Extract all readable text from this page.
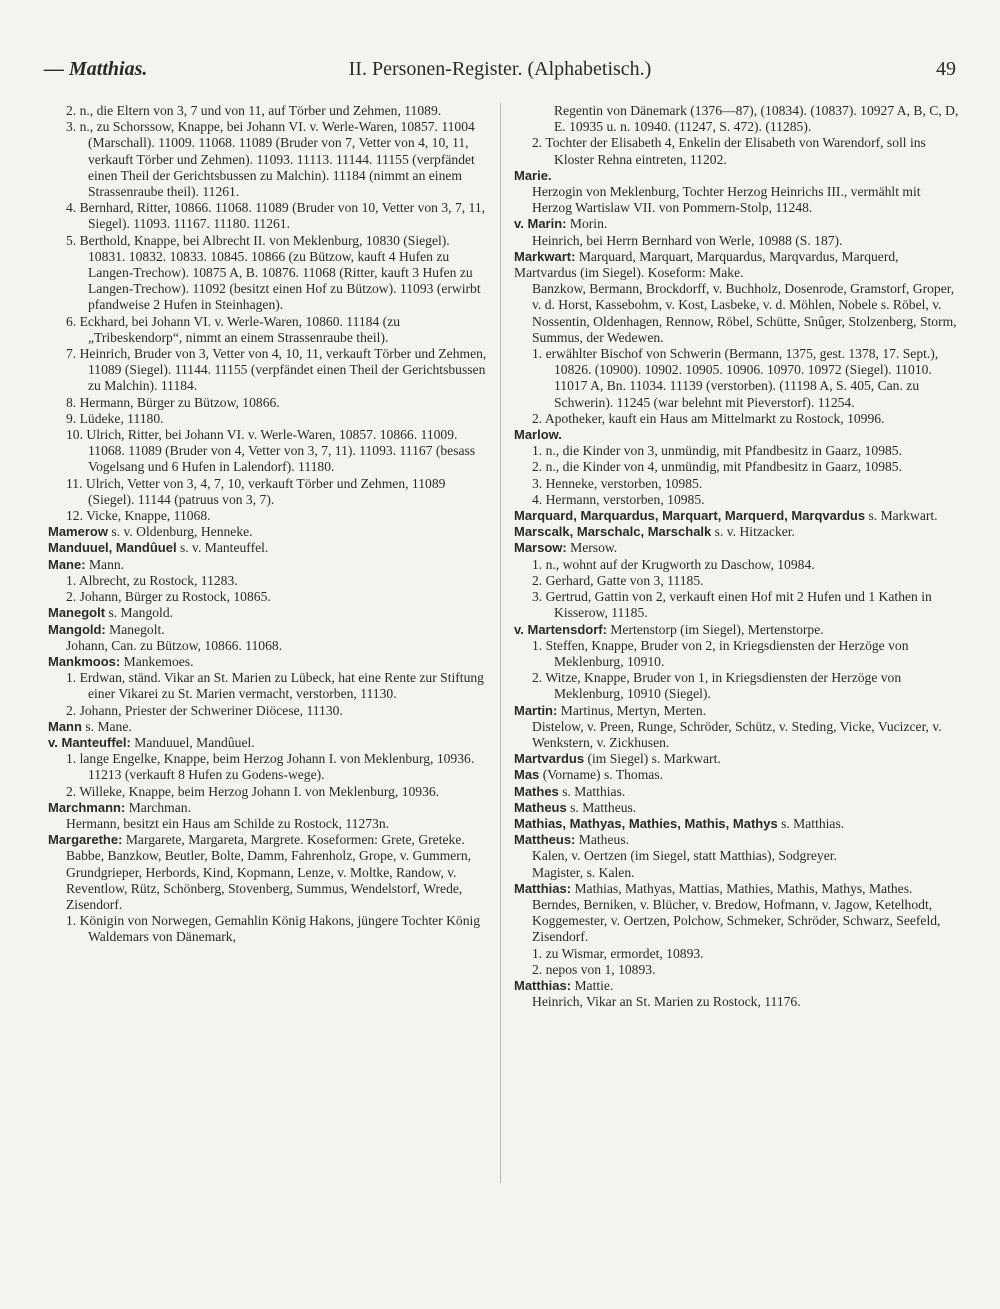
— Matthias.	II. Personen-Register. (Alphabetisch.)	49
2. n., die Eltern von 3, 7 und von 11, auf Törber und Zehmen, 11089.
3. n., zu Schorssow, Knappe, bei Johann VI. v. Werle-Waren, 10857. 11004 (Marschall). 11009. 11068. 11089 (Bruder von 7, Vetter von 4, 10, 11, verkauft Törber und Zehmen). 11093. 11113. 11144. 11155 (verpfändet einen Theil der Gerichtsbussen zu Malchin). 11184 (nimmt an einem Strassenraube theil). 11261.
4. Bernhard, Ritter, 10866. 11068. 11089 (Bruder von 10, Vetter von 3, 7, 11, Siegel). 11093. 11167. 11180. 11261.
5. Berthold, Knappe, bei Albrecht II. von Meklenburg, 10830 (Siegel). 10831. 10832. 10833. 10845. 10866 (zu Bützow, kauft 4 Hufen zu Langen-Trechow). 10875 A, B. 10876. 11068 (Ritter, kauft 3 Hufen zu Langen-Trechow). 11092 (besitzt einen Hof zu Bützow). 11093 (erwirbt pfandweise 2 Hufen in Steinhagen).
6. Eckhard, bei Johann VI. v. Werle-Waren, 10860. 11184 (zu „Tribeskendorp“, nimmt an einem Strassenraube theil).
7. Heinrich, Bruder von 3, Vetter von 4, 10, 11, verkauft Törber und Zehmen, 11089 (Siegel). 11144. 11155 (verpfändet einen Theil der Gerichtsbussen zu Malchin). 11184.
8. Hermann, Bürger zu Bützow, 10866.
9. Lüdeke, 11180.
10. Ulrich, Ritter, bei Johann VI. v. Werle-Waren, 10857. 10866. 11009. 11068. 11089 (Bruder von 4, Vetter von 3, 7, 11). 11093. 11167 (besass Vogelsang und 6 Hufen in Lalendorf). 11180.
11. Ulrich, Vetter von 3, 4, 7, 10, verkauft Törber und Zehmen, 11089 (Siegel). 11144 (patruus von 3, 7).
12. Vicke, Knappe, 11068.
Mamerow s. v. Oldenburg, Henneke.
Manduuel, Mandûuel s. v. Manteuffel.
Mane: Mann.
1. Albrecht, zu Rostock, 11283.
2. Johann, Bürger zu Rostock, 10865.
Manegolt s. Mangold.
Mangold: Manegolt.
Johann, Can. zu Bützow, 10866. 11068.
Mankmoos: Mankemoes.
1. Erdwan, ständ. Vikar an St. Marien zu Lübeck, hat eine Rente zur Stiftung einer Vikarei zu St. Marien vermacht, verstorben, 11130.
2. Johann, Priester der Schweriner Diöcese, 11130.
Mann s. Mane.
v. Manteuffel: Manduuel, Mandûuel.
1. lange Engelke, Knappe, beim Herzog Johann I. von Meklenburg, 10936. 11213 (verkauft 8 Hufen zu Godens-wege).
2. Willeke, Knappe, beim Herzog Johann I. von Meklenburg, 10936.
Marchmann: Marchman.
Hermann, besitzt ein Haus am Schilde zu Rostock, 11273n.
Margarethe: Margarete, Margareta, Margrete. Koseformen: Grete, Greteke.
Babbe, Banzkow, Beutler, Bolte, Damm, Fahrenholz, Grope, v. Gummern, Grundgrieper, Herbords, Kind, Kopmann, Lenze, v. Moltke, Randow, v. Reventlow, Rütz, Schönberg, Stovenberg, Summus, Wendelstorf, Wrede, Zisendorf.
1. Königin von Norwegen, Gemahlin König Hakons, jüngere Tochter König Waldemars von Dänemark,
Regentin von Dänemark (1376—87), (10834). (10837). 10927 A, B, C, D, E. 10935 u. n. 10940. (11247, S. 472). (11285).
2. Tochter der Elisabeth 4, Enkelin der Elisabeth von Warendorf, soll ins Kloster Rehna eintreten, 11202.
Marie.
Herzogin von Meklenburg, Tochter Herzog Heinrichs III., vermählt mit Herzog Wartislaw VII. von Pommern-Stolp, 11248.
v. Marin: Morin.
Heinrich, bei Herrn Bernhard von Werle, 10988 (S. 187).
Markwart: Marquard, Marquart, Marquardus, Marqvardus, Marquerd, Martvardus (im Siegel). Koseform: Make.
Banzkow, Bermann, Brockdorff, v. Buchholz, Dosenrode, Gramstorf, Groper, v. d. Horst, Kassebohm, v. Kost, Lasbeke, v. d. Möhlen, Nobele s. Röbel, v. Nossentin, Oldenhagen, Rennow, Röbel, Schütte, Snûger, Stolzenberg, Storm, Summus, der Wedewen.
1. erwählter Bischof von Schwerin (Bermann, 1375, gest. 1378, 17. Sept.), 10826. (10900). 10902. 10905. 10906. 10970. 10972 (Siegel). 11010. 11017 A, Bn. 11034. 11139 (verstorben). (11198 A, S. 405, Can. zu Schwerin). 11245 (war belehnt mit Pieverstorf). 11254.
2. Apotheker, kauft ein Haus am Mittelmarkt zu Rostock, 10996.
Marlow.
1. n., die Kinder von 3, unmündig, mit Pfandbesitz in Gaarz, 10985.
2. n., die Kinder von 4, unmündig, mit Pfandbesitz in Gaarz, 10985.
3. Henneke, verstorben, 10985.
4. Hermann, verstorben, 10985.
Marquard, Marquardus, Marquart, Marquerd, Marqvardus s. Markwart.
Marscalk, Marschalc, Marschalk s. v. Hitzacker.
Marsow: Mersow.
1. n., wohnt auf der Krugworth zu Daschow, 10984.
2. Gerhard, Gatte von 3, 11185.
3. Gertrud, Gattin von 2, verkauft einen Hof mit 2 Hufen und 1 Kathen in Kisserow, 11185.
v. Martensdorf: Mertenstorp (im Siegel), Mertenstorpe.
1. Steffen, Knappe, Bruder von 2, in Kriegsdiensten der Herzöge von Meklenburg, 10910.
2. Witze, Knappe, Bruder von 1, in Kriegsdiensten der Herzöge von Meklenburg, 10910 (Siegel).
Martin: Martinus, Mertyn, Merten.
Distelow, v. Preen, Runge, Schröder, Schütz, v. Steding, Vicke, Vucizcer, v. Wenkstern, v. Zickhusen.
Martvardus (im Siegel) s. Markwart.
Mas (Vorname) s. Thomas.
Mathes s. Matthias.
Matheus s. Mattheus.
Mathias, Mathyas, Mathies, Mathis, Mathys s. Matthias.
Mattheus: Matheus.
Kalen, v. Oertzen (im Siegel, statt Matthias), Sodgreyer.
Magister, s. Kalen.
Matthias: Mathias, Mathyas, Mattias, Mathies, Mathis, Mathys, Mathes.
Berndes, Berniken, v. Blücher, v. Bredow, Hofmann, v. Jagow, Ketelhodt, Koggemester, v. Oertzen, Polchow, Schmeker, Schröder, Schwarz, Seefeld, Zisendorf.
1. zu Wismar, ermordet, 10893.
2. nepos von 1, 10893.
Matthias: Mattie.
Heinrich, Vikar an St. Marien zu Rostock, 11176.
